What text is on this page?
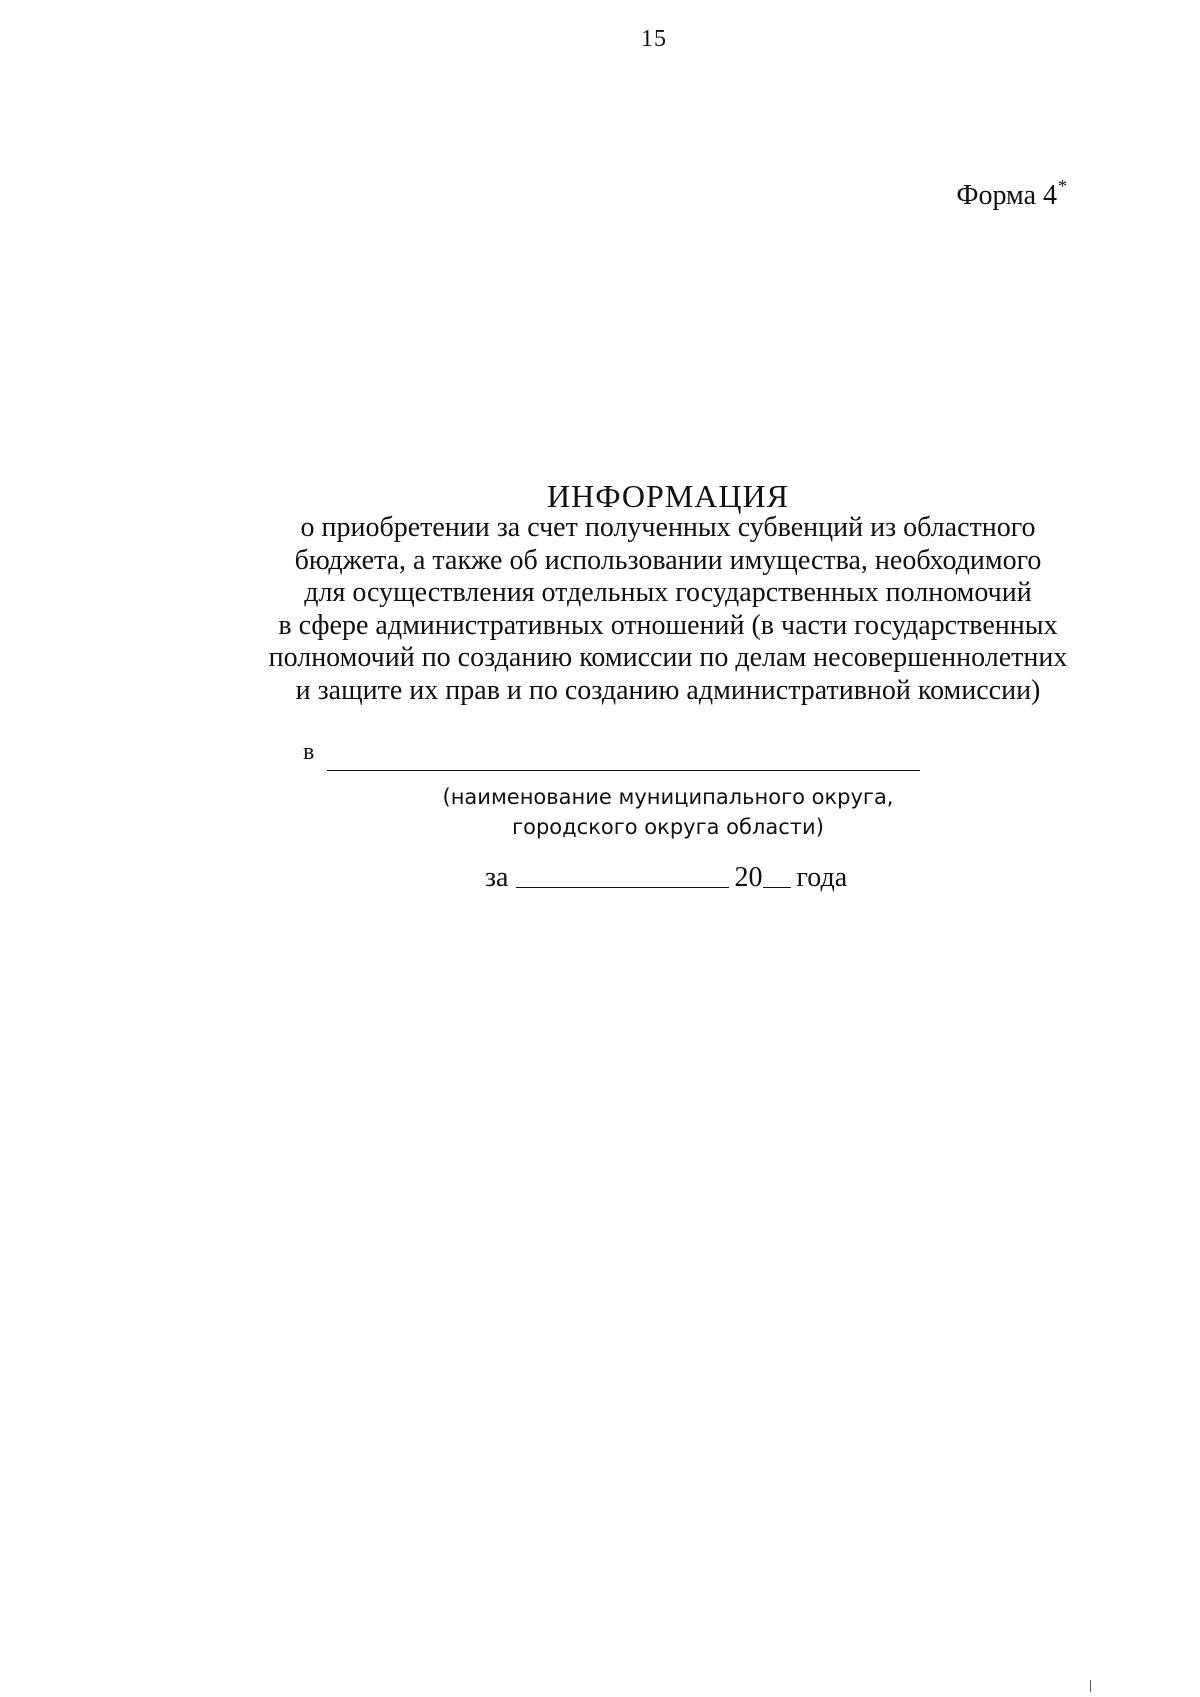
15
Форма 4*
ИНФОРМАЦИЯ
о приобретении за счет полученных субвенций из областного
бюджета, а также об использовании имущества, необходимого
для осуществления отдельных государственных полномочий
в сфере административных отношений (в части государственных
полномочий по созданию комиссии по делам несовершеннолетних
и защите их прав и по созданию административной комиссии)
в
(наименование муниципального округа,
городского округа области)
за	20 года
